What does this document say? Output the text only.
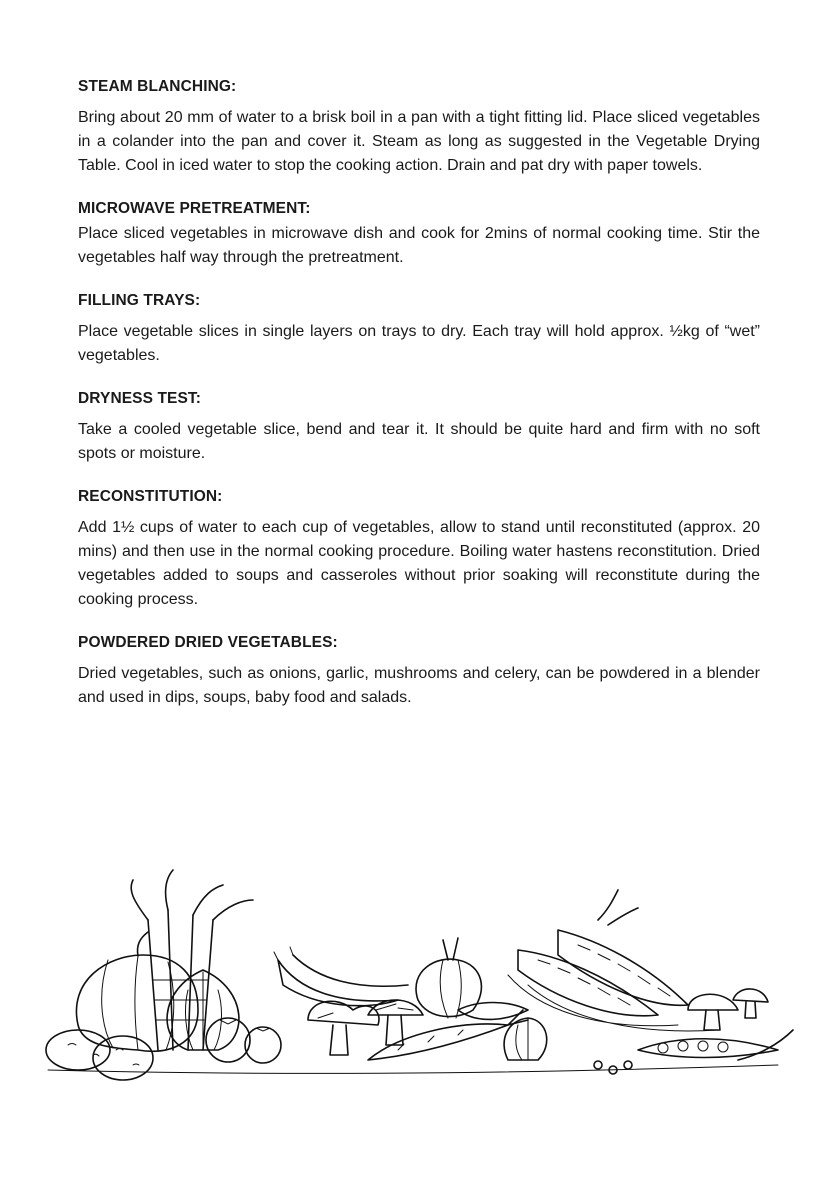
STEAM BLANCHING:

Bring about 20 mm of water to a brisk boil in a pan with a tight fitting lid. Place sliced vegetables in a colander into the pan and cover it. Steam as long as suggested in the Vegetable Drying Table. Cool in iced water to stop the cooking action. Drain and pat dry with paper towels.

MICROWAVE PRETREATMENT:

Place sliced vegetables in microwave dish and cook for 2mins of normal cooking time. Stir the vegetables half way through the pretreatment.

FILLING TRAYS:

Place vegetable slices in single layers on trays to dry. Each tray will hold approx. ½kg of “wet” vegetables.

DRYNESS TEST:

Take a cooled vegetable slice, bend and tear it. It should be quite hard and firm with no soft spots or moisture.

RECONSTITUTION:

Add 1½ cups of water to each cup of vegetables, allow to stand until reconstituted (approx. 20 mins) and then use in the normal cooking procedure. Boiling water hastens reconstitution. Dried vegetables added to soups and casseroles without prior soaking will reconstitute during the cooking process.

POWDERED DRIED VEGETABLES:

Dried vegetables, such as onions, garlic, mushrooms and celery, can be powdered in a blender and used in dips, soups, baby food and salads.
